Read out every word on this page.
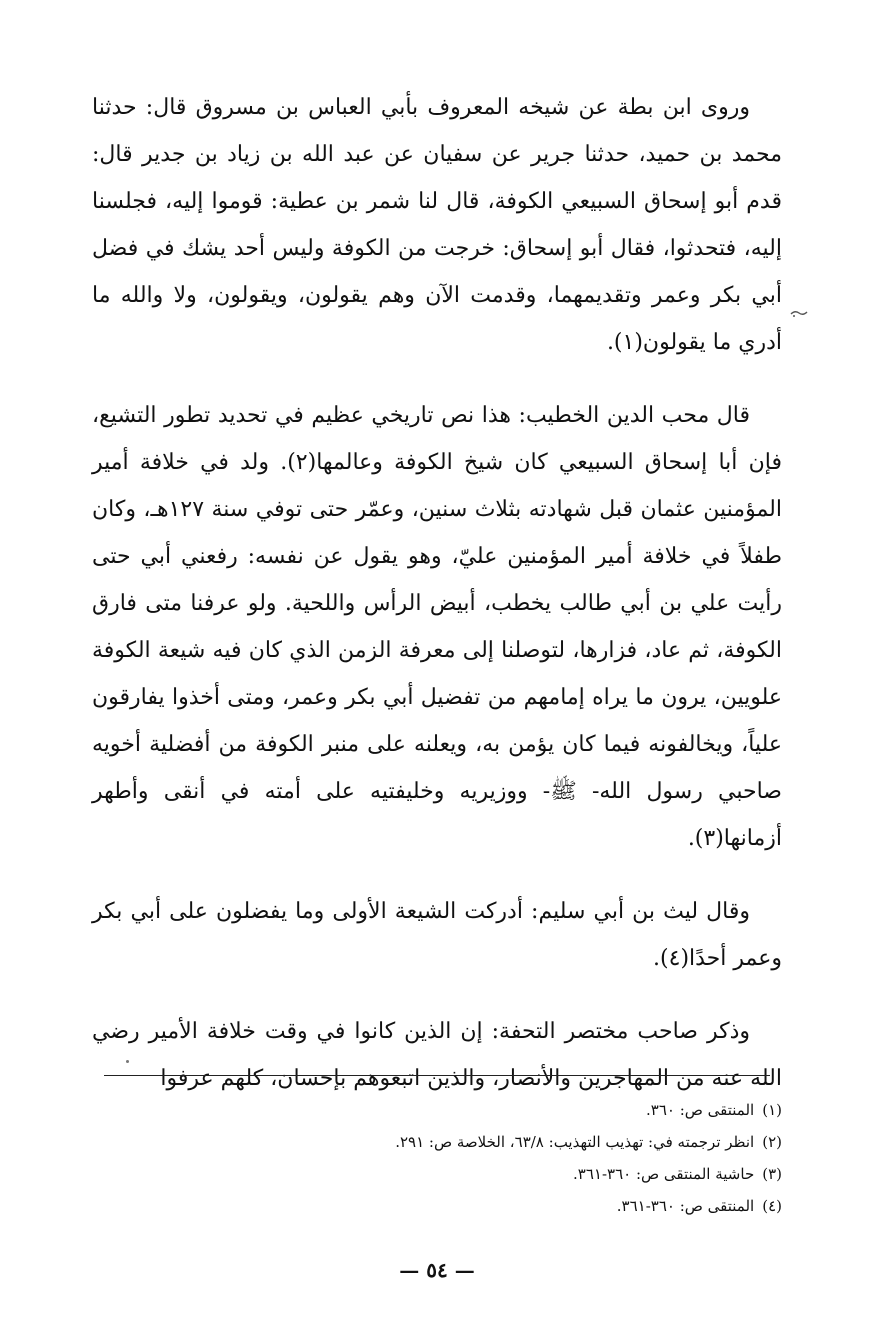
وروى ابن بطة عن شيخه المعروف بأبي العباس بن مسروق قال: حدثنا محمد بن حميد، حدثنا جرير عن سفيان عن عبد الله بن زياد بن جدير قال: قدم أبو إسحاق السبيعي الكوفة، قال لنا شمر بن عطية: قوموا إليه، فجلسنا إليه، فتحدثوا، فقال أبو إسحاق: خرجت من الكوفة وليس أحد يشك في فضل أبي بكر وعمر وتقديمهما، وقدمت الآن وهم يقولون، ويقولون، ولا والله ما أدري ما يقولون(١).

قال محب الدين الخطيب: هذا نص تاريخي عظيم في تحديد تطور التشيع، فإن أبا إسحاق السبيعي كان شيخ الكوفة وعالمها(٢). ولد في خلافة أمير المؤمنين عثمان قبل شهادته بثلاث سنين، وعمّر حتى توفي سنة ١٢٧هـ، وكان طفلاً في خلافة أمير المؤمنين عليّ، وهو يقول عن نفسه: رفعني أبي حتى رأيت علي بن أبي طالب يخطب، أبيض الرأس واللحية. ولو عرفنا متى فارق الكوفة، ثم عاد، فزارها، لتوصلنا إلى معرفة الزمن الذي كان فيه شيعة الكوفة علويين، يرون ما يراه إمامهم من تفضيل أبي بكر وعمر، ومتى أخذوا يفارقون علياً، ويخالفونه فيما كان يؤمن به، ويعلنه على منبر الكوفة من أفضلية أخويه صاحبي رسول الله- ﷺ- ووزيريه وخليفتيه على أمته في أنقى وأطهر أزمانها(٣).

وقال ليث بن أبي سليم: أدركت الشيعة الأولى وما يفضلون على أبي بكر وعمر أحدًا(٤).

وذكر صاحب مختصر التحفة: إن الذين كانوا في وقت خلافة الأمير رضي الله عنه من المهاجرين والأنصار، والذين اتبعوهم بإحسان، كلهم عرفوا

(١)المنتقى ص: ٣٦٠.
(٢)انظر ترجمته في: تهذيب التهذيب: ٦٣/٨، الخلاصة ص: ٢٩١.
(٣)حاشية المنتقى ص: ٣٦٠-٣٦١.
(٤)المنتقى ص: ٣٦٠-٣٦١.
— ٥٤ —
